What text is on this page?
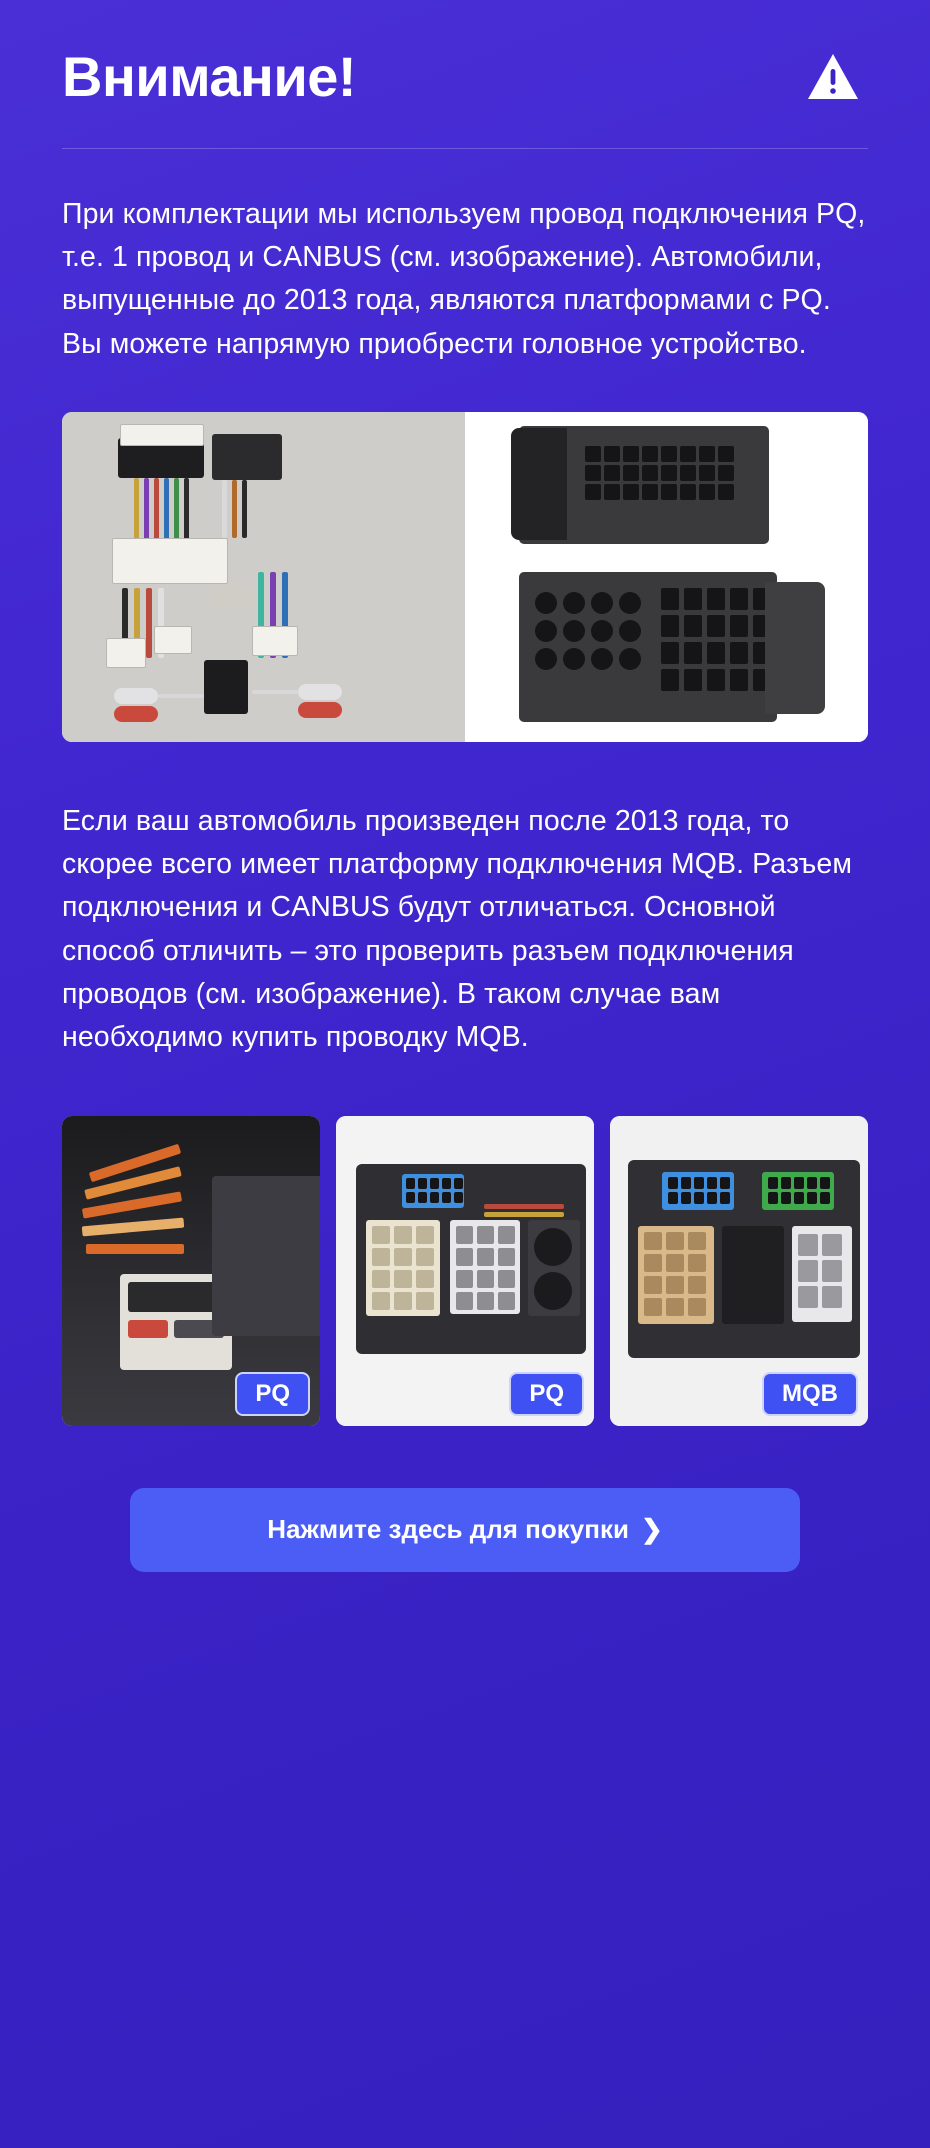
Внимание!

При комплектации мы используем провод подключения PQ, т.е. 1 провод и CANBUS (см. изображение). Автомобили, выпущенные до 2013 года, являются платформами с PQ. Вы можете напрямую приобрести головное устройство.

Если ваш автомобиль произведен после 2013 года, то скорее всего имеет платформу подключения MQB. Разъем подключения и CANBUS будут отличаться. Основной способ отличить – это проверить разъем подключения проводов (см. изображение). В таком случае вам необходимо купить проводку MQB.

PQ	PQ	MQB
Нажмите здесь для покупки ❯
